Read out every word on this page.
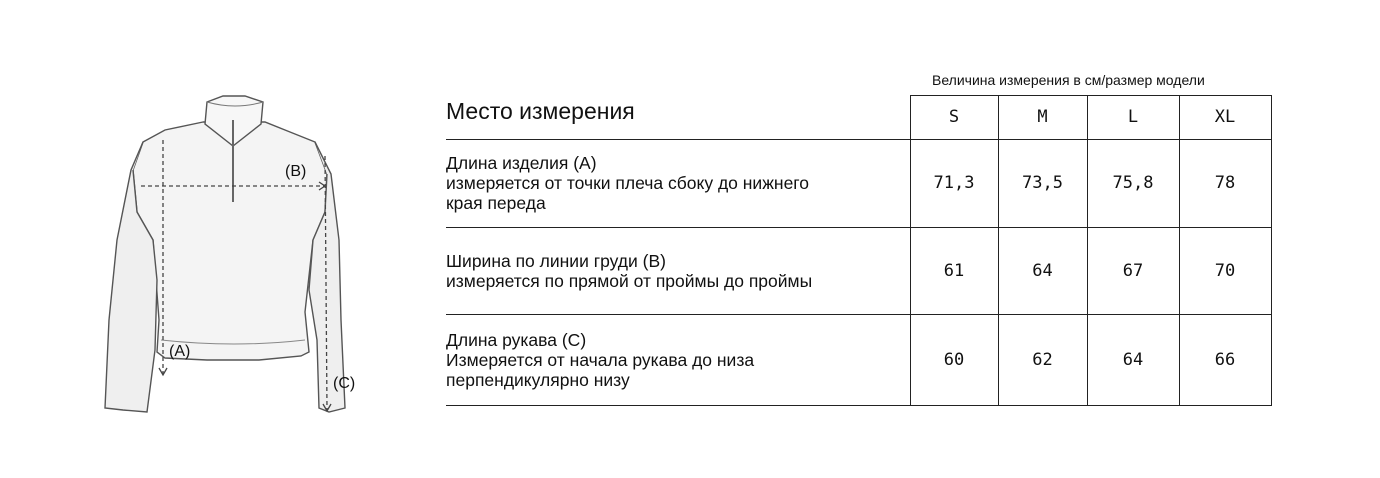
(A)
(B)
(C)
Величина измерения в см/размер модели
Место измерения	S	M	L	XL

Длина изделия (A)
измеряется от точки плеча сбоку до нижнего
края переда	71,3	73,5	75,8	78

Ширина по линии груди (B)
измеряется по прямой от проймы до проймы	61	64	67	70

Длина рукава (C)
Измеряется от начала рукава до низа
перпендикулярно низу	60	62	64	66
